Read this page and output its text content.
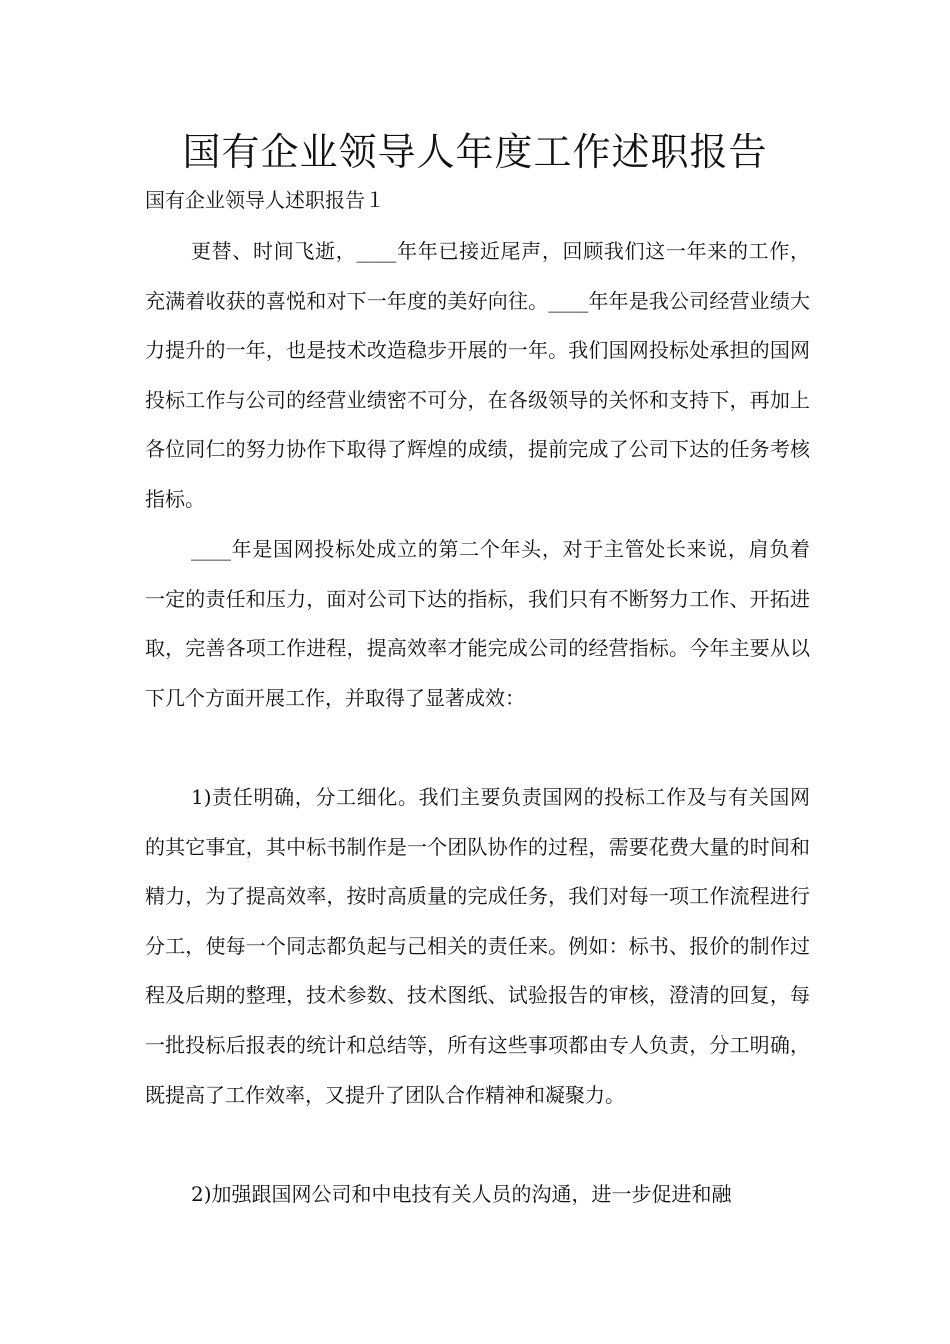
国有企业领导人年度工作述职报告

国有企业领导人述职报告１

更替、时间飞逝，____年年已接近尾声，回顾我们这一年来的工作，充满着收获的喜悦和对下一年度的美好向往。____年年是我公司经营业绩大力提升的一年，也是技术改造稳步开展的一年。我们国网投标处承担的国网投标工作与公司的经营业绩密不可分，在各级领导的关怀和支持下，再加上各位同仁的努力协作下取得了辉煌的成绩，提前完成了公司下达的任务考核指标。

____年是国网投标处成立的第二个年头，对于主管处长来说，肩负着一定的责任和压力，面对公司下达的指标，我们只有不断努力工作、开拓进取，完善各项工作进程，提高效率才能完成公司的经营指标。今年主要从以下几个方面开展工作，并取得了显著成效：

1)责任明确，分工细化。我们主要负责国网的投标工作及与有关国网的其它事宜，其中标书制作是一个团队协作的过程，需要花费大量的时间和精力，为了提高效率，按时高质量的完成任务，我们对每一项工作流程进行分工，使每一个同志都负起与己相关的责任来。例如：标书、报价的制作过程及后期的整理，技术参数、技术图纸、试验报告的审核，澄清的回复，每一批投标后报表的统计和总结等，所有这些事项都由专人负责，分工明确，既提高了工作效率，又提升了团队合作精神和凝聚力。

2)加强跟国网公司和中电技有关人员的沟通，进一步促进和融
